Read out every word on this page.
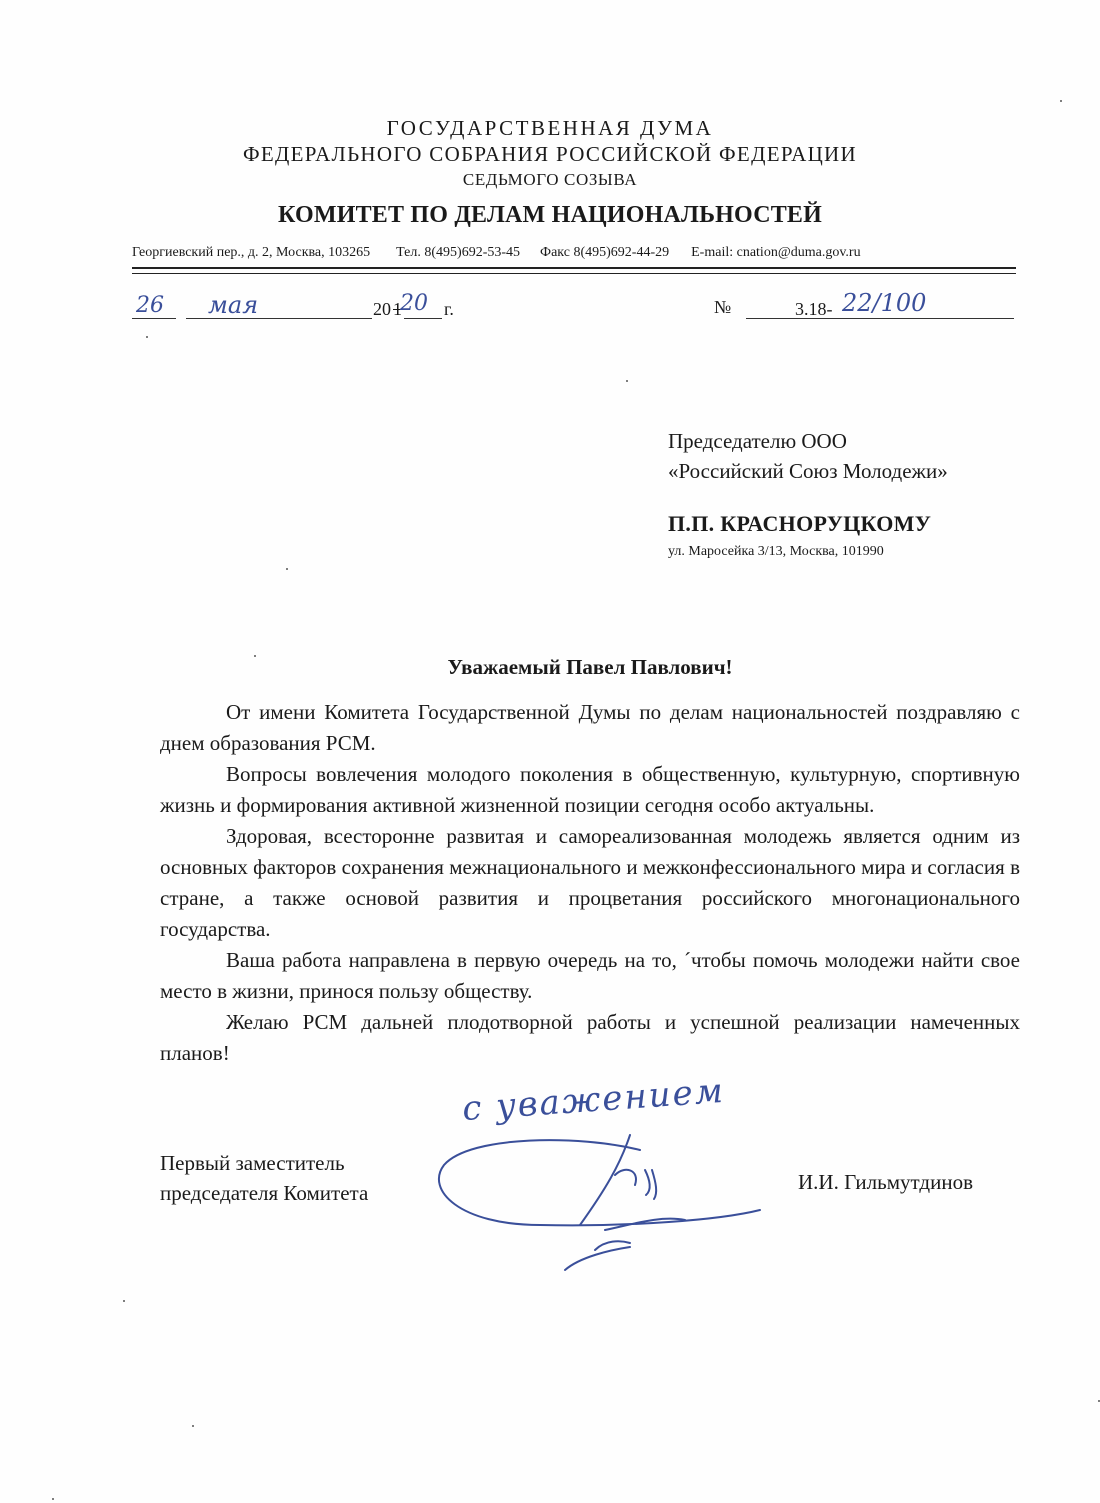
ГОСУДАРСТВЕННАЯ ДУМА
ФЕДЕРАЛЬНОГО СОБРАНИЯ РОССИЙСКОЙ ФЕДЕРАЦИИ
СЕДЬМОГО СОЗЫВА
КОМИТЕТ ПО ДЕЛАМ НАЦИОНАЛЬНОСТЕЙ
Георгиевский пер., д. 2, Москва, 103265 Тел. 8(495)692-53-45 Факс 8(495)692-44-29 E-mail: cnation@duma.gov.ru
26 мая	20 1
20 г.	№	3.18- 22/100
Председателю ООО
«Российский Союз Молодежи»
П.П. КРАСНОРУЦКОМУ
ул. Маросейка 3/13, Москва, 101990
Уважаемый Павел Павлович!

От имени Комитета Государственной Думы по делам национальностей поздравляю с днем образования РСМ.

Вопросы вовлечения молодого поколения в общественную, культурную, спортивную жизнь и формирования активной жизненной позиции сегодня особо актуальны.

Здоровая, всесторонне развитая и самореализованная молодежь является одним из основных факторов сохранения межнационального и межконфессионального мира и согласия в стране, а также основой развития и процветания российского многонационального государства.

Ваша работа направлена в первую очередь на то, ´чтобы помочь молодежи найти свое место в жизни, принося пользу обществу.

Желаю РСМ дальней плодотворной работы и успешной реализации намеченных планов!

Первый заместитель
председателя Комитета	И.И. Гильмутдинов
с уважением
